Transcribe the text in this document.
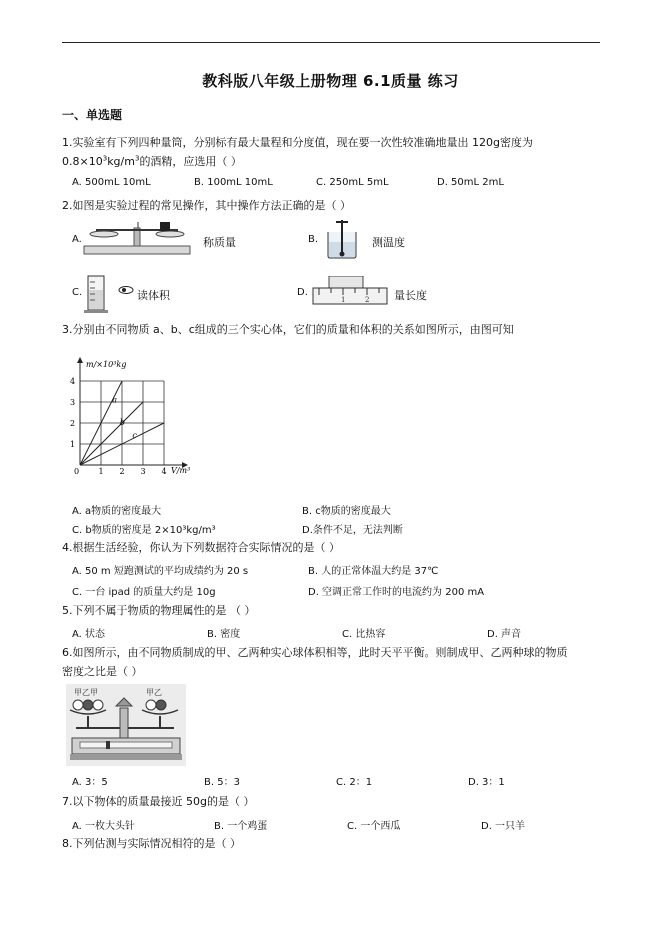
教科版八年级上册物理 6.1质量 练习
一、单选题
1.实验室有下列四种量筒，分别标有最大量程和分度值，现在要一次性较准确地量出 120g密度为
$0.8\times 10^3kg/m^3$的酒精，应选用（ ）
A. 500mL 10mL	B. 100mL 10mL	C. 250mL 5mL	D. 50mL 2mL
2.如图是实验过程的常见操作，其中操作方法正确的是（ ）
A.	称质量	B.	测温度
C.	读体积	D.
1	2 量长度
3.分别由不同物质 a、b、c组成的三个实心体，它们的质量和体积的关系如图所示，由图可知
a
b
c
0 1 2 3 4
1
2
3
4
m/×10³kg
V/m³
A. a物质的密度最大	B. c物质的密度最大
C. b物质的密度是 2×10³kg/m³	D.条件不足，无法判断
4.根据生活经验，你认为下列数据符合实际情况的是（ ）
A. 50 m 短跑测试的平均成绩约为 20 s	B. 人的正常体温大约是 37℃
C. 一台 ipad 的质量大约是 10g	D. 空调正常工作时的电流约为 200 mA
5.下列不属于物质的物理属性的是 （ ）
A. 状态	B. 密度	C. 比热容	D. 声音
6.如图所示，由不同物质制成的甲、乙两种实心球体积相等，此时天平平衡。则制成甲、乙两种球的物质
密度之比是（ ）
甲乙甲	甲乙
A. 3：5	B. 5：3	C. 2：1	D. 3：1
7.以下物体的质量最接近 50g的是（ ）
A. 一枚大头针	B. 一个鸡蛋	C. 一个西瓜	D. 一只羊
8.下列估测与实际情况相符的是（ ）
